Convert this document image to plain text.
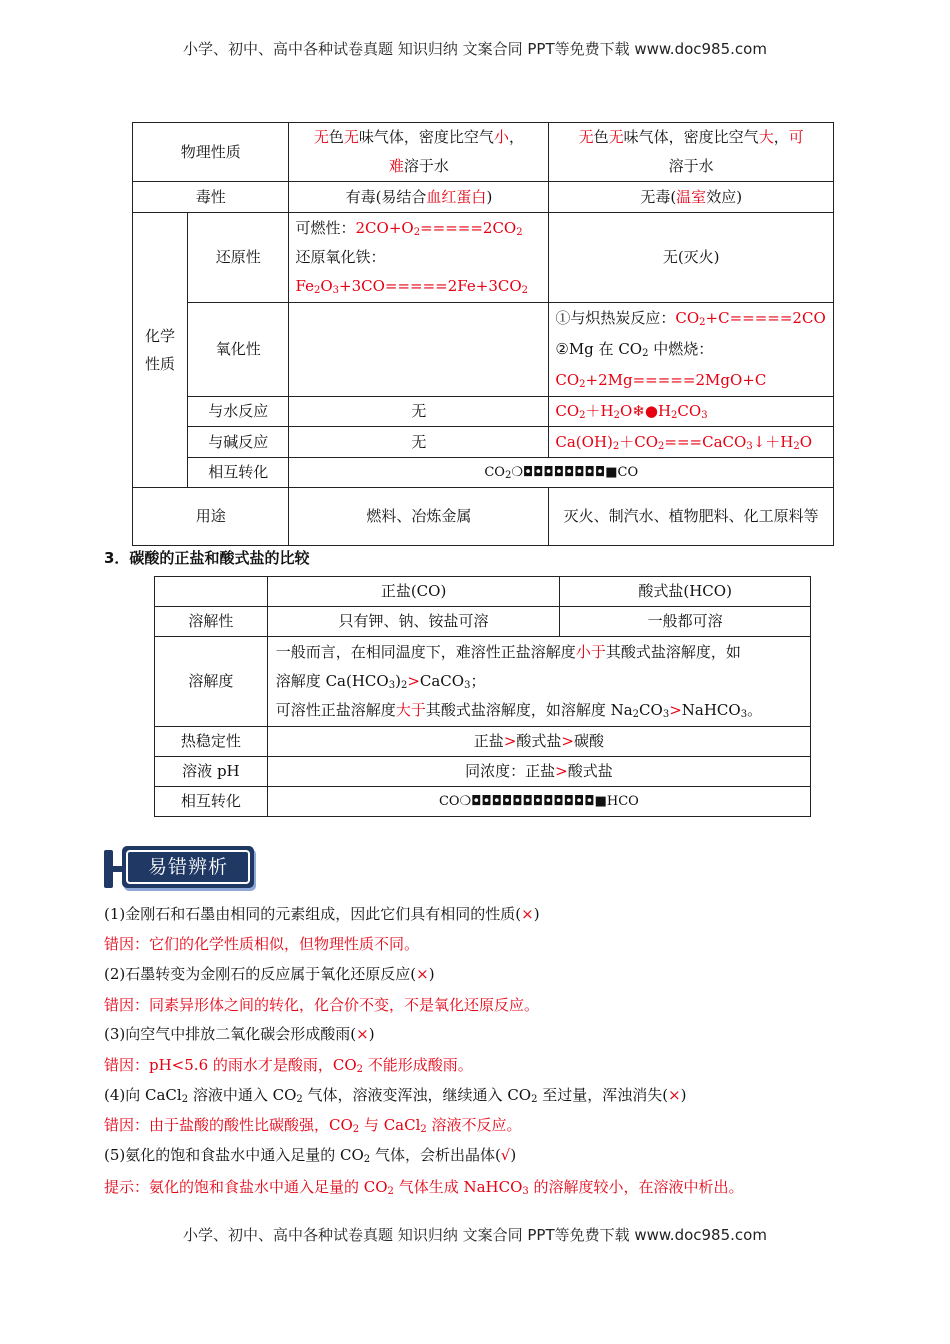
小学、初中、高中各种试卷真题 知识归纳 文案合同 PPT等免费下载 www.doc985.com
物理性质		无色无味气体，密度比空气小，
难溶于水	无色无味气体，密度比空气大，可
溶于水
毒性		有毒(易结合血红蛋白)	无毒(温室效应)
化学性质	还原性	可燃性：$2CO+O_2=====2CO_2$
还原氧化铁：
$Fe_2O_3+3CO=====2Fe+3CO_2$	无(灭火)
	氧化性		①与炽热炭反应：$CO_2+C=====2CO$
②Mg 在 $CO_2$ 中燃烧：
$CO_2+2Mg=====2MgO+C$
	与水反应	无	$CO_2+H_2O❄●H_2CO_3$
	与碱反应	无	$Ca(OH)_2+CO_2===CaCO_3↓+H_2O$
	相互转化	$CO_2❍◘◘◘◘◘◘◘◘■CO$	
用途		燃料、冶炼金属	灭火、制汽水、植物肥料、化工原料等
3．碳酸的正盐和酸式盐的比较
	正盐(CO)	酸式盐(HCO)
溶解性	只有钾、钠、铵盐可溶	一般都可溶
溶解度	一般而言，在相同温度下，难溶性正盐溶解度小于其酸式盐溶解度，如
溶解度 $Ca(HCO_3)_2>CaCO_3$；
可溶性正盐溶解度大于其酸式盐溶解度，如溶解度 $Na_2CO_3>NaHCO_3$。	
热稳定性	正盐>酸式盐>碳酸	
溶液 pH	同浓度：正盐>酸式盐	
相互转化	CO❍◘◘◘◘◘◘◘◘◘◘◘◘■HCO	
易错辨析
(1)金刚石和石墨由相同的元素组成，因此它们具有相同的性质(×)
错因：它们的化学性质相似，但物理性质不同。
(2)石墨转变为金刚石的反应属于氧化还原反应(×)
错因：同素异形体之间的转化，化合价不变，不是氧化还原反应。
(3)向空气中排放二氧化碳会形成酸雨(×)
错因：pH<5.6 的雨水才是酸雨，$CO_2$ 不能形成酸雨。
(4)向 CaCl$_2$ 溶液中通入 $CO_2$ 气体，溶液变浑浊，继续通入 $CO_2$ 至过量，浑浊消失(×)
错因：由于盐酸的酸性比碳酸强，$CO_2$ 与 CaCl$_2$ 溶液不反应。
(5)氨化的饱和食盐水中通入足量的 $CO_2$ 气体，会析出晶体(√)
提示：氨化的饱和食盐水中通入足量的 $CO_2$ 气体生成 NaHCO$_3$ 的溶解度较小，在溶液中析出。
小学、初中、高中各种试卷真题 知识归纳 文案合同 PPT等免费下载 www.doc985.com
